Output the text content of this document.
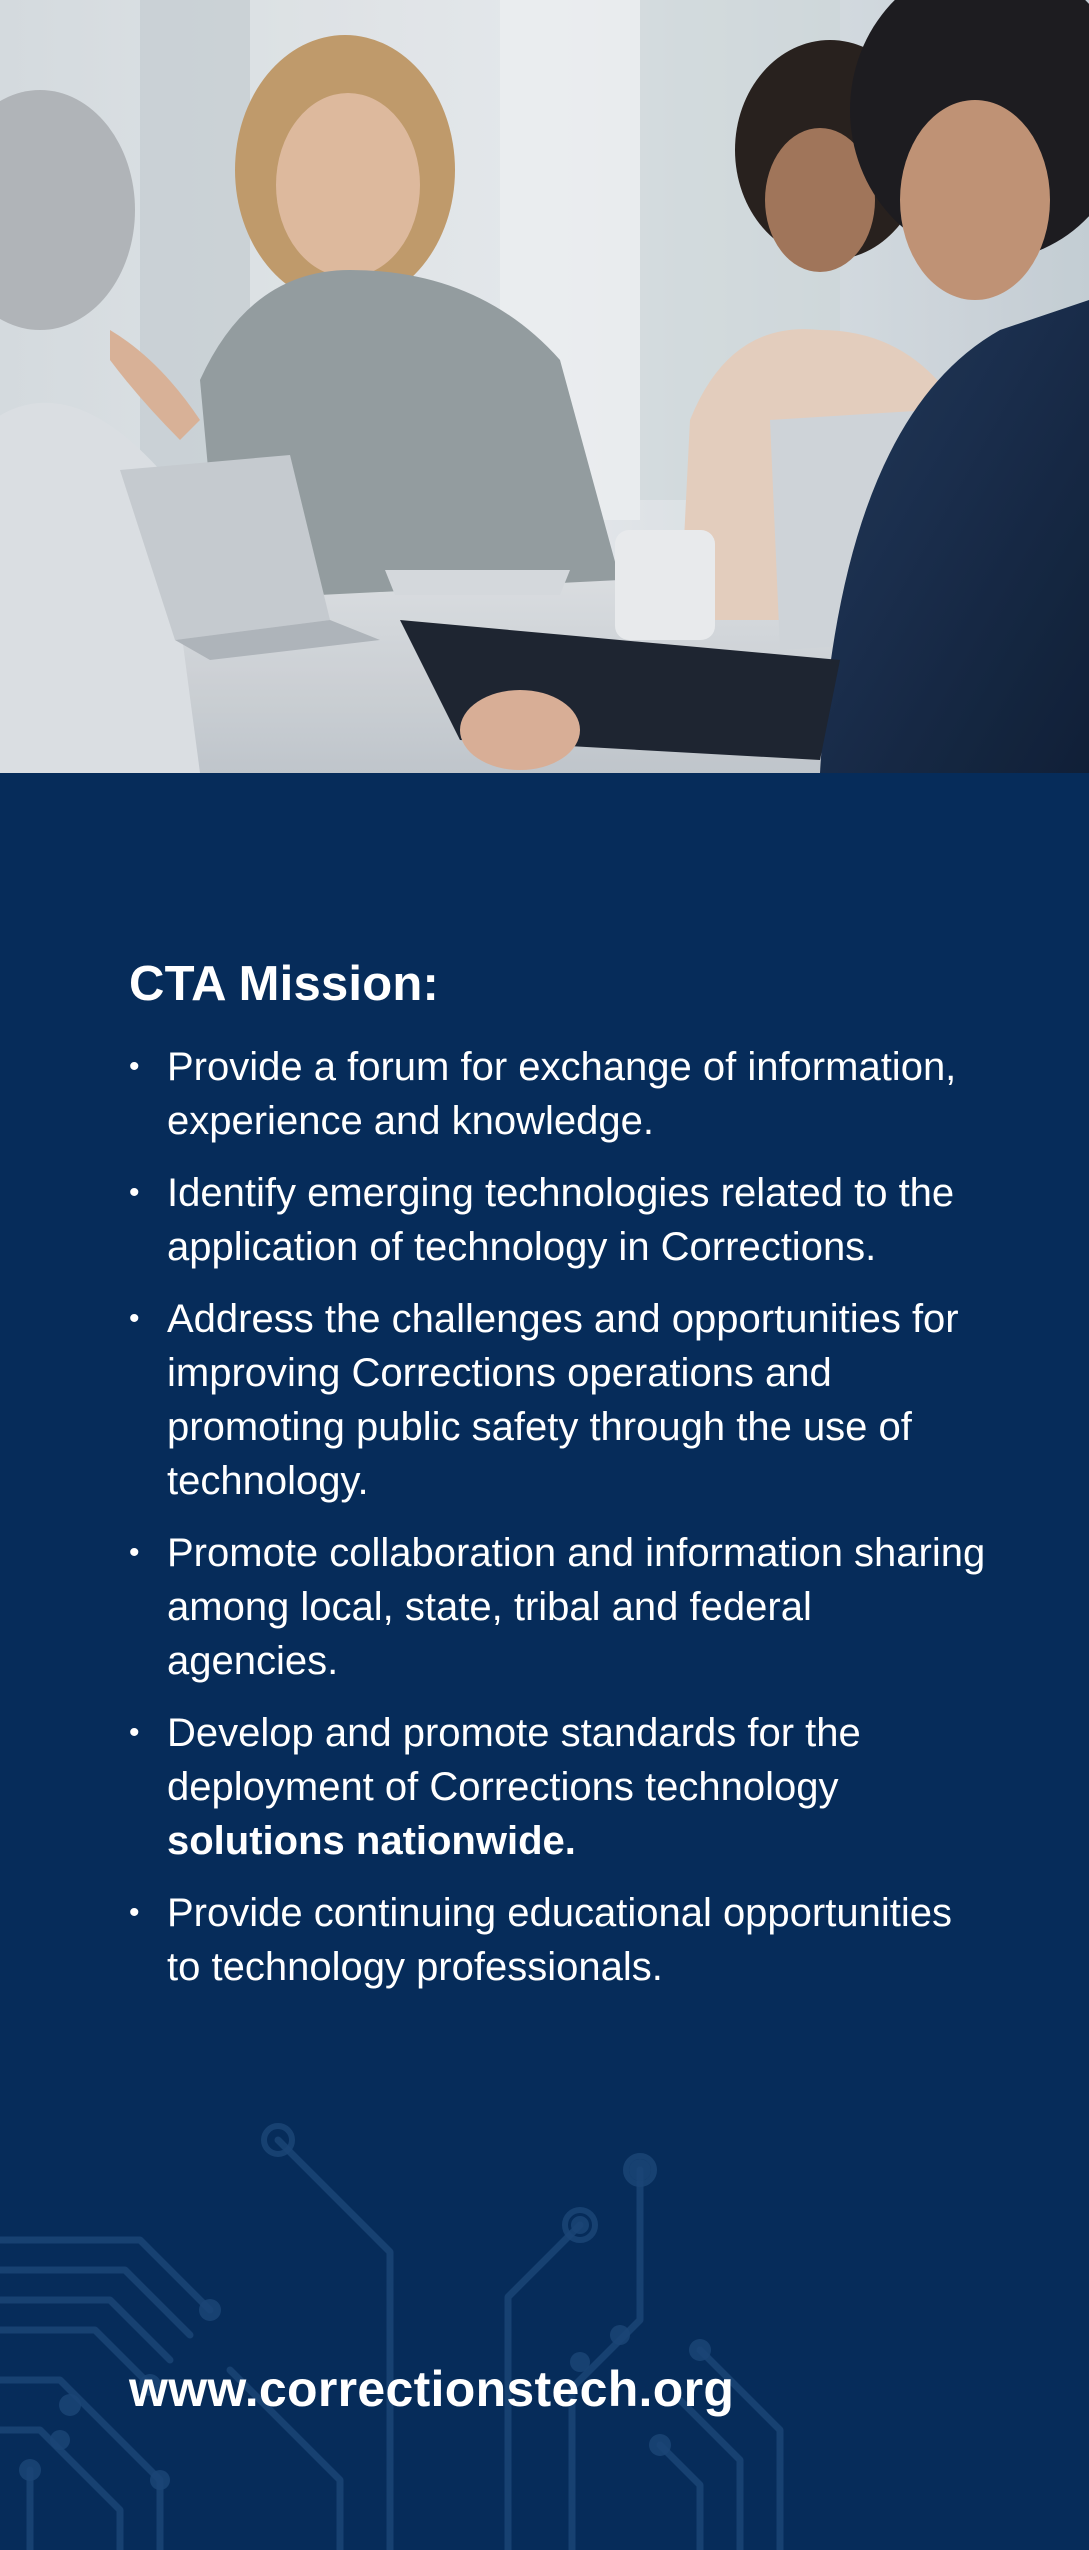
CTA Mission:
• Provide a forum for exchange of information, experience and knowledge.
• Identify emerging technologies related to the application of technology in Corrections.
• Address the challenges and opportunities for improving Corrections operations and promoting public safety through the use of technology.
• Promote collaboration and information sharing among local, state, tribal and federal agencies.
• Develop and promote standards for the deployment of Corrections technology solutions nationwide.
• Provide continuing educational opportunities to technology professionals.
www.correctionstech.org
